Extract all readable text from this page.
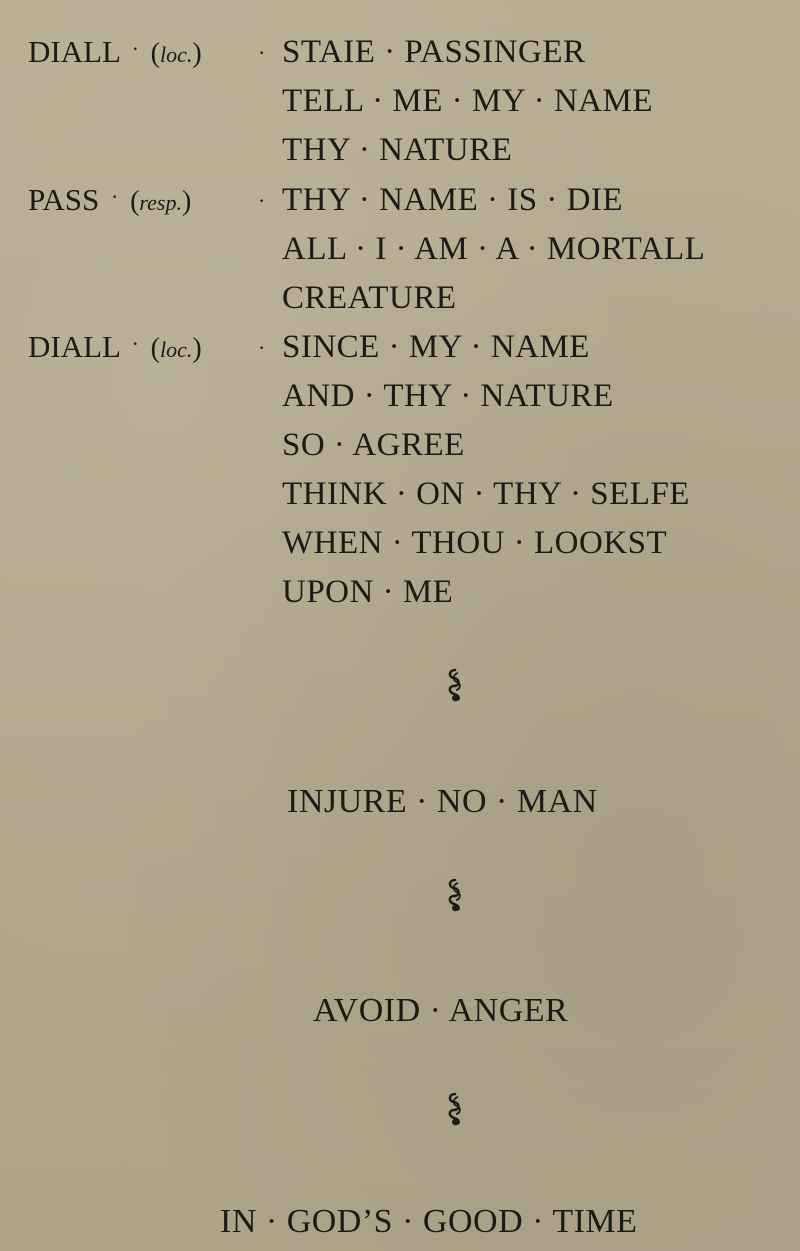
DIALL · (loc.)	· STAIE · PASSINGER
TELL · ME · MY · NAME
THY · NATURE
PASS · (resp.)	· THY · NAME · IS · DIE
ALL · I · AM · A · MORTALL
CREATURE
DIALL · (loc.)	· SINCE · MY · NAME
AND · THY · NATURE
SO · AGREE
THINK · ON · THY · SELFE
WHEN · THOU · LOOKST
UPON · ME
INJURE · NO · MAN
AVOID · ANGER
IN · GOD’S · GOOD · TIME
